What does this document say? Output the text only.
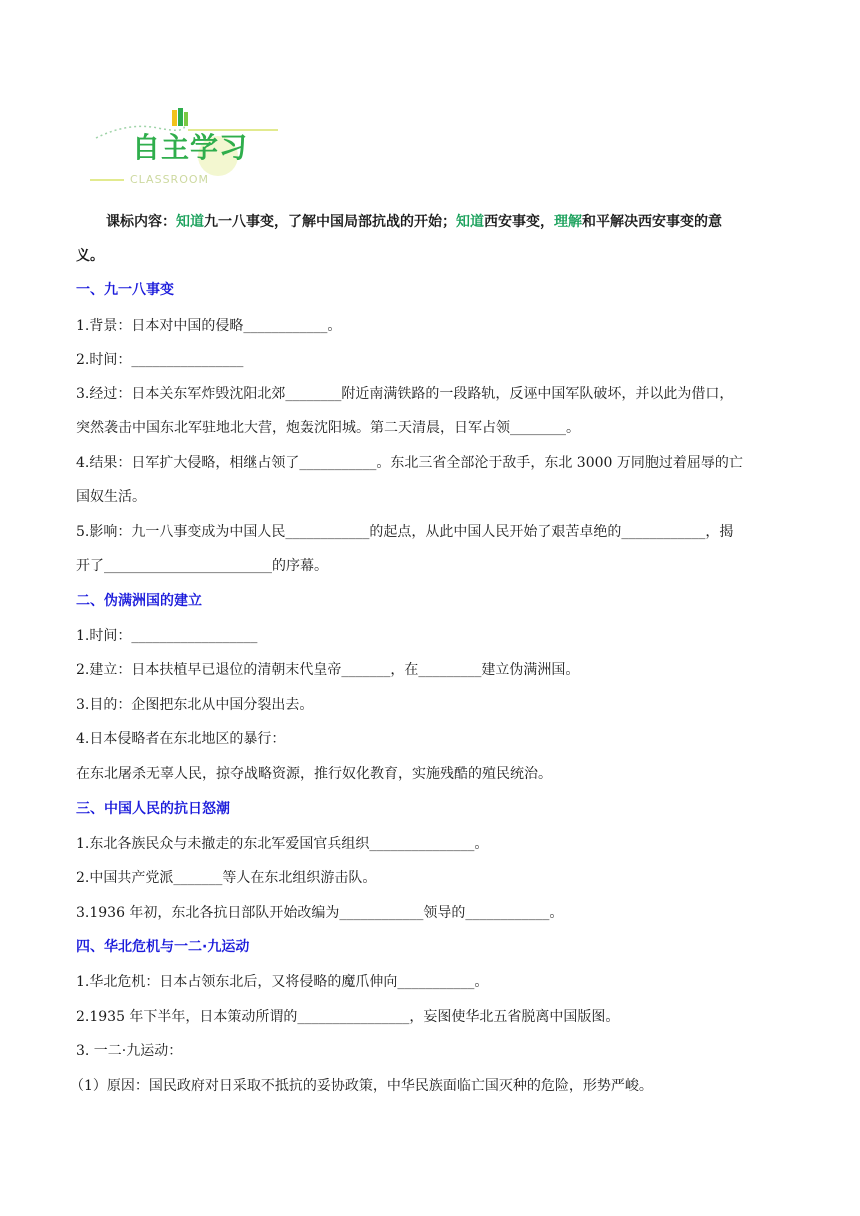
自主学习
CLASSROOM
课标内容：知道九一八事变，了解中国局部抗战的开始；知道西安事变，理解和平解决西安事变的意
义。
一、九一八事变
1.背景：日本对中国的侵略____________。
2.时间：________________
3.经过：日本关东军炸毁沈阳北郊________附近南满铁路的一段路轨，反诬中国军队破坏，并以此为借口，
突然袭击中国东北军驻地北大营，炮轰沈阳城。第二天清晨，日军占领________。
4.结果：日军扩大侵略，相继占领了___________。东北三省全部沦于敌手，东北 3000 万同胞过着屈辱的亡
国奴生活。
5.影响：九一八事变成为中国人民____________的起点，从此中国人民开始了艰苦卓绝的____________，揭
开了________________________的序幕。
二、伪满洲国的建立
1.时间：__________________
2.建立：日本扶植早已退位的清朝末代皇帝_______，在_________建立伪满洲国。
3.目的：企图把东北从中国分裂出去。
4.日本侵略者在东北地区的暴行：
在东北屠杀无辜人民，掠夺战略资源，推行奴化教育，实施残酷的殖民统治。
三、中国人民的抗日怒潮
1.东北各族民众与未撤走的东北军爱国官兵组织_______________。
2.中国共产党派_______等人在东北组织游击队。
3.1936 年初，东北各抗日部队开始改编为____________领导的____________。
四、华北危机与一二·九运动
1.华北危机：日本占领东北后，又将侵略的魔爪伸向___________。
2.1935 年下半年，日本策动所谓的________________，妄图使华北五省脱离中国版图。
3. 一二·九运动：
（1）原因：国民政府对日采取不抵抗的妥协政策，中华民族面临亡国灭种的危险，形势严峻。
